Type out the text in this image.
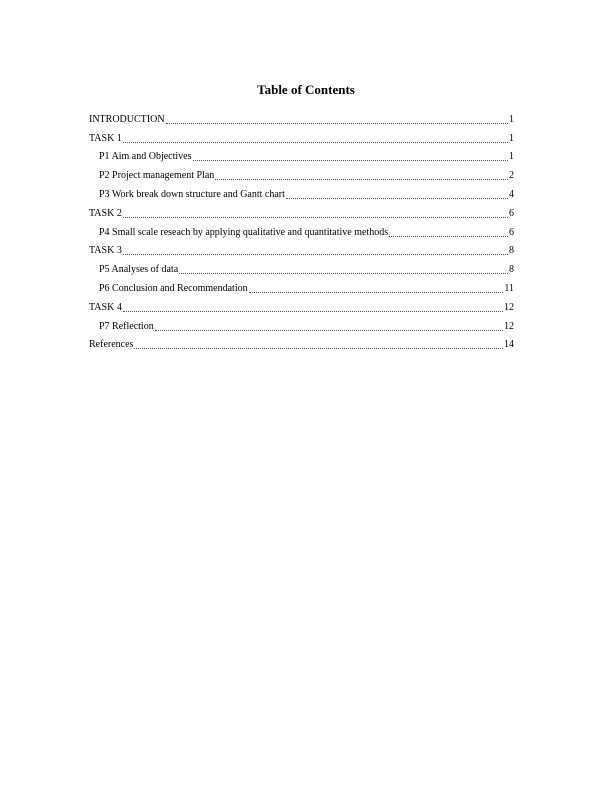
Table of Contents
INTRODUCTION	1
TASK 1	1
P1 Aim and Objectives	1
P2 Project management Plan	2
P3 Work break down structure and Gantt chart	4
TASK 2	6
P4 Small scale reseach by applying qualitative and quantitative methods	6
TASK 3	8
P5 Analyses of data	8
P6 Conclusion and Recommendation	11
TASK 4	12
P7 Reflection	12
References	14
